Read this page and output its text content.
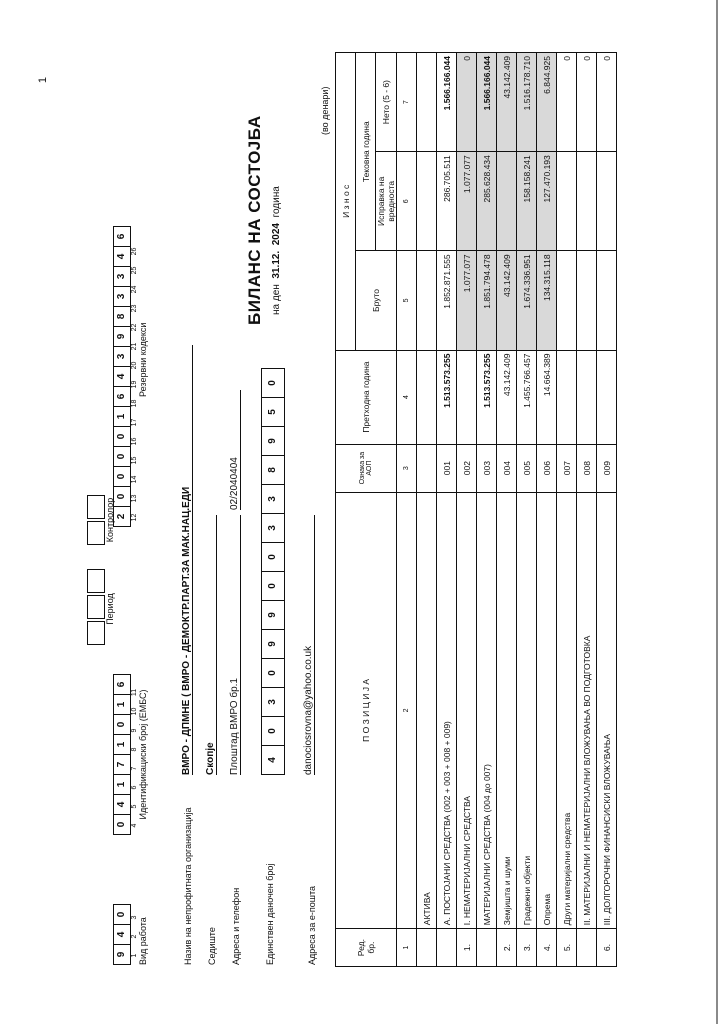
1
9
4
0
1
2
3 Вид работа
0
4
1
7
1
0
1
6
4
5
6
7
8
9
10
11 Идентификациски број (ЕМБС)
Период
Контролор 2
0
0
0
0
1
6
4
3
9
8
3
3
4
6
12
13
14
15
16
17
18
19
20
21
22
23
24
25
26
Резервни кодекси
Назив на непрофитната организација
ВМРО - ДПМНЕ ( ВМРО - ДЕМОКТР.ПАРТ.ЗА МАК.НАЦ.ЕДИ
Седиште
Скопје
Адреса и телефон
Плоштад ВМРО бр.1
02/2040404
Единствен даночен број
4
0
3
0
9
9
0
0
3
3
8
9
5
0
Адреса за е-пошта
danociosrovna@yahoo.co.uk
БИЛАНС НА СОСТОЈБА на ден  31.12.  2024  година
(во денари)
Ред. бр.	П О З И Ц И Ј А	Ознака за АОП	Претходна година	И з н о с		
				Бруто	Тековна година	
					Исправка на вредноста	Нето (5 - 6)
1	2	3	4	5	6	7
	АКТИВА					
	А. ПОСТОЈАНИ СРЕДСТВА (002 + 003 + 008 + 009)	001	1.513.573.255	1.852.871.555	286.705.511	1.566.166.044
1.	I. НЕМАТЕРИЈАЛНИ СРЕДСТВА	002		1.077.077	1.077.077	0
	МАТЕРИЈАЛНИ СРЕДСТВА (004 до 007)	003	1.513.573.255	1.851.794.478	285.628.434	1.566.166.044
2.	Земјишта и шуми	004	43.142.409	43.142.409		43.142.409
3.	Градежни објекти	005	1.455.766.457	1.674.336.951	158.158.241	1.516.178.710
4.	Опрема	006	14.664.389	134.315.118	127.470.193	6.844.925
5.	Други материјални средства	007				0
	II. МАТЕРИЈАЛНИ И НЕМАТЕРИЈАЛНИ ВЛОЖУВАЊА ВО ПОДГОТОВКА	008				0
6.	III. ДОЛГОРОЧНИ ФИНАНСИСКИ ВЛОЖУВАЊА	009				0
